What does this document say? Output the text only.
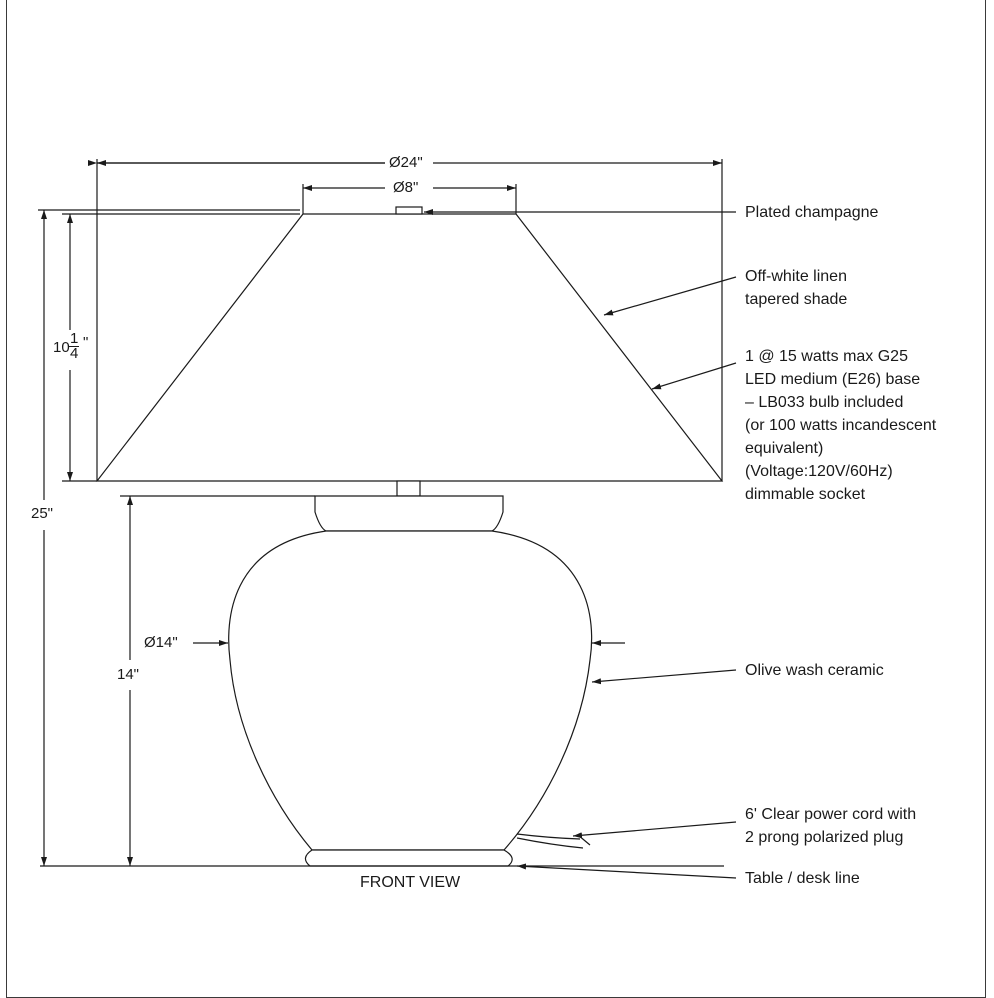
Ø24"
Ø8"
$10 \frac{1}{4}$ "
25"
14"
Ø14"
FRONT VIEW
Plated champagne
Off-white linen
tapered shade
1 @ 15 watts max G25
LED medium (E26) base
– LB033 bulb included
(or 100 watts incandescent
equivalent)
(Voltage:120V/60Hz)
dimmable socket
Olive wash ceramic
6' Clear power cord with
2 prong polarized plug
Table / desk line
